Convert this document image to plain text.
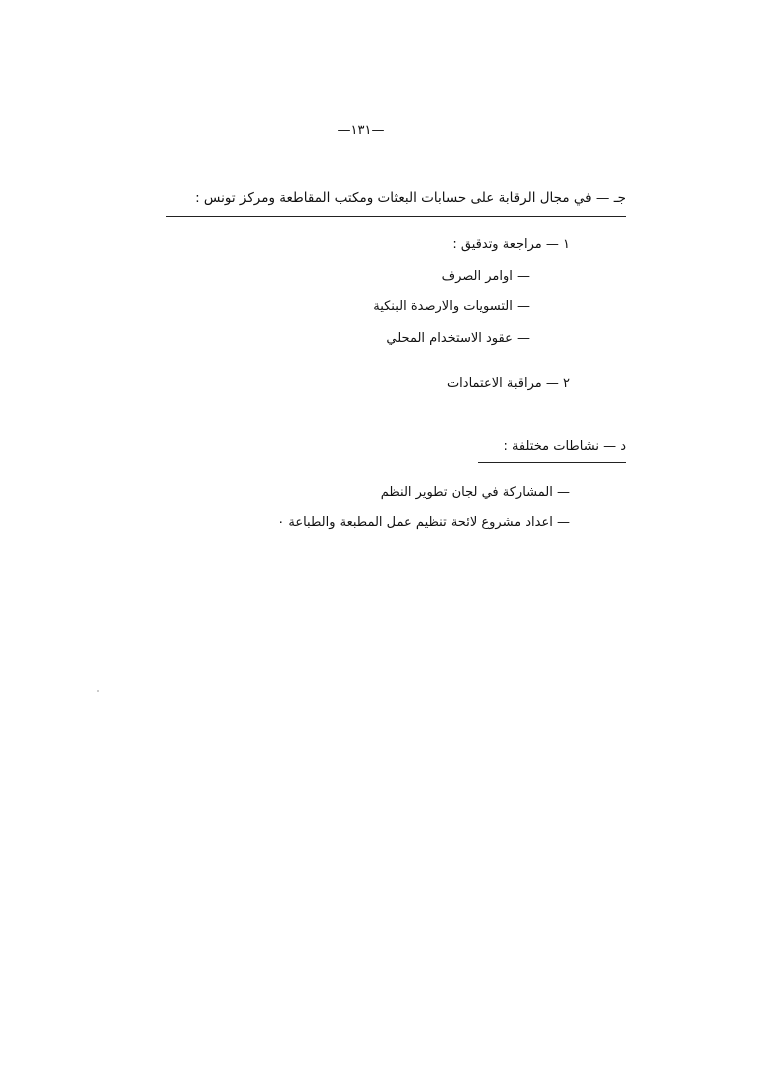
—١٣١—
جـ — في مجال الرقابة على حسابات البعثات ومكتب المقاطعة ومركز تونس :
١ — مراجعة وتدقيق :
— اوامر الصرف
— التسويات والارصدة البنكية
— عقود الاستخدام المحلي
٢ — مراقبة الاعتمادات
د — نشاطات مختلفة :
— المشاركة في لجان تطوير النظم
— اعداد مشروع لائحة تنظيم عمل المطبعة والطباعة ٠
